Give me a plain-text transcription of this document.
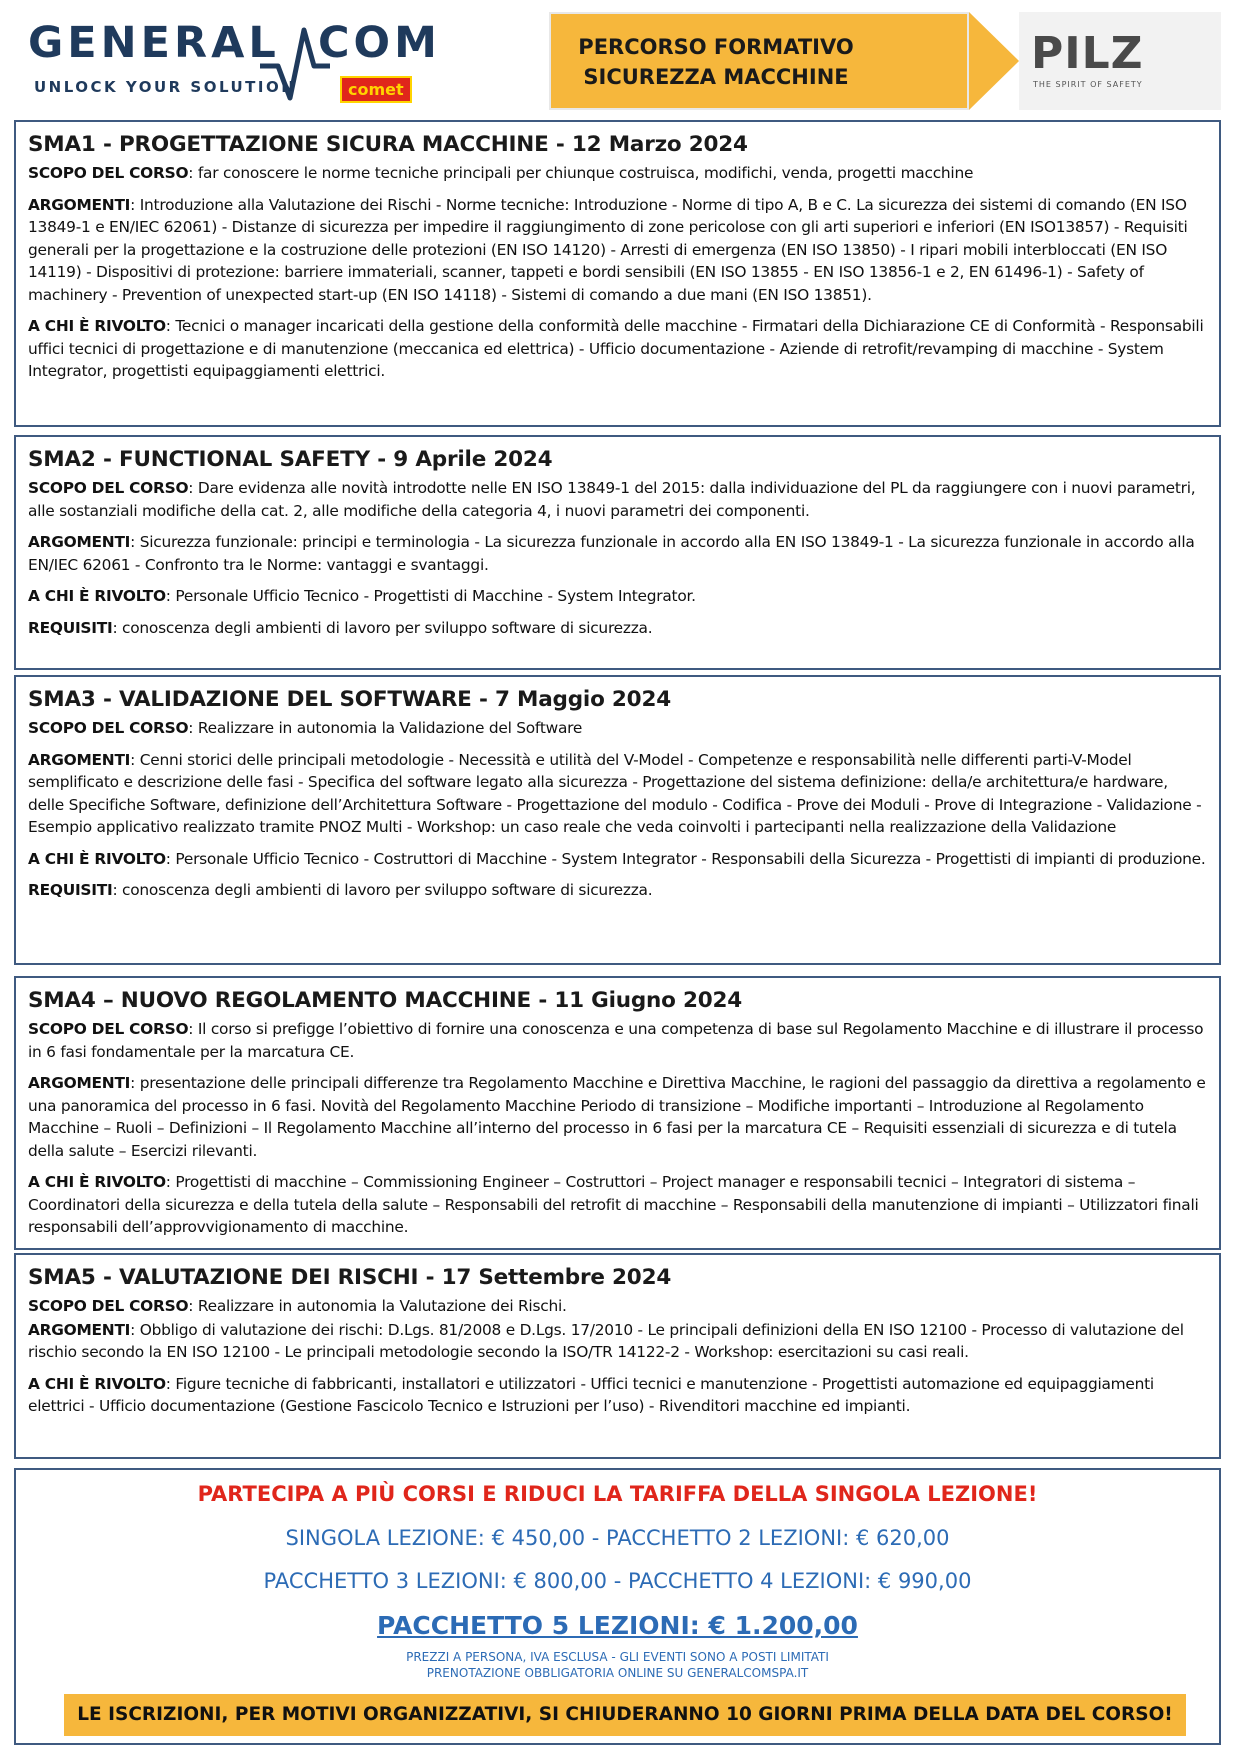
GENERAL COM
UNLOCK YOUR SOLUTION	comet
PERCORSO FORMATIVO
SICUREZZA MACCHINE	PILZ
THE SPIRIT OF SAFETY
SMA1 - PROGETTAZIONE SICURA MACCHINE - 12 Marzo 2024

SCOPO DEL CORSO: far conoscere le norme tecniche principali per chiunque costruisca, modifichi, venda, progetti macchine

ARGOMENTI: Introduzione alla Valutazione dei Rischi - Norme tecniche: Introduzione - Norme di tipo A, B e C. La sicurezza dei sistemi di comando (EN ISO 13849-1 e EN/IEC 62061) - Distanze di sicurezza per impedire il raggiungimento di zone pericolose con gli arti superiori e inferiori (EN ISO13857) - Requisiti generali per la progettazione e la costruzione delle protezioni (EN ISO 14120) - Arresti di emergenza (EN ISO 13850) - I ripari mobili interbloccati (EN ISO 14119) - Dispositivi di protezione: barriere immateriali, scanner, tappeti e bordi sensibili (EN ISO 13855 - EN ISO 13856-1 e 2, EN 61496-1) - Safety of machinery - Prevention of unexpected start-up (EN ISO 14118) - Sistemi di comando a due mani (EN ISO 13851).

A CHI È RIVOLTO: Tecnici o manager incaricati della gestione della conformità delle macchine - Firmatari della Dichiarazione CE di Conformità - Responsabili uffici tecnici di progettazione e di manutenzione (meccanica ed elettrica) - Ufficio documentazione - Aziende di retrofit/revamping di macchine - System Integrator, progettisti equipaggiamenti elettrici.

SMA2 - FUNCTIONAL SAFETY - 9 Aprile 2024

SCOPO DEL CORSO: Dare evidenza alle novità introdotte nelle EN ISO 13849-1 del 2015: dalla individuazione del PL da raggiungere con i nuovi parametri, alle sostanziali modifiche della cat. 2, alle modifiche della categoria 4, i nuovi parametri dei componenti.

ARGOMENTI: Sicurezza funzionale: principi e terminologia - La sicurezza funzionale in accordo alla EN ISO 13849-1 - La sicurezza funzionale in accordo alla EN/IEC 62061 - Confronto tra le Norme: vantaggi e svantaggi.

A CHI È RIVOLTO: Personale Ufficio Tecnico - Progettisti di Macchine - System Integrator.

REQUISITI: conoscenza degli ambienti di lavoro per sviluppo software di sicurezza.

SMA3 - VALIDAZIONE DEL SOFTWARE - 7 Maggio 2024

SCOPO DEL CORSO: Realizzare in autonomia la Validazione del Software

ARGOMENTI: Cenni storici delle principali metodologie - Necessità e utilità del V-Model - Competenze e responsabilità nelle differenti parti-V-Model semplificato e descrizione delle fasi - Specifica del software legato alla sicurezza - Progettazione del sistema definizione: della/e architettura/e hardware, delle Specifiche Software, definizione dell’Architettura Software - Progettazione del modulo - Codifica - Prove dei Moduli - Prove di Integrazione - Validazione - Esempio applicativo realizzato tramite PNOZ Multi - Workshop: un caso reale che veda coinvolti i partecipanti nella realizzazione della Validazione

A CHI È RIVOLTO: Personale Ufficio Tecnico - Costruttori di Macchine - System Integrator - Responsabili della Sicurezza - Progettisti di impianti di produzione.

REQUISITI: conoscenza degli ambienti di lavoro per sviluppo software di sicurezza.

SMA4 – NUOVO REGOLAMENTO MACCHINE - 11 Giugno 2024

SCOPO DEL CORSO: Il corso si prefigge l’obiettivo di fornire una conoscenza e una competenza di base sul Regolamento Macchine e di illustrare il processo in 6 fasi fondamentale per la marcatura CE.

ARGOMENTI: presentazione delle principali differenze tra Regolamento Macchine e Direttiva Macchine, le ragioni del passaggio da direttiva a regolamento e una panoramica del processo in 6 fasi. Novità del Regolamento Macchine Periodo di transizione – Modifiche importanti – Introduzione al Regolamento Macchine – Ruoli – Definizioni – Il Regolamento Macchine all’interno del processo in 6 fasi per la marcatura CE – Requisiti essenziali di sicurezza e di tutela della salute – Esercizi rilevanti.

A CHI È RIVOLTO: Progettisti di macchine – Commissioning Engineer – Costruttori – Project manager e responsabili tecnici – Integratori di sistema – Coordinatori della sicurezza e della tutela della salute – Responsabili del retrofit di macchine – Responsabili della manutenzione di impianti – Utilizzatori finali responsabili dell’approvvigionamento di macchine.

SMA5 - VALUTAZIONE DEI RISCHI - 17 Settembre 2024

SCOPO DEL CORSO: Realizzare in autonomia la Valutazione dei Rischi.

ARGOMENTI: Obbligo di valutazione dei rischi: D.Lgs. 81/2008 e D.Lgs. 17/2010 - Le principali definizioni della EN ISO 12100 - Processo di valutazione del rischio secondo la EN ISO 12100 - Le principali metodologie secondo la ISO/TR 14122-2 - Workshop: esercitazioni su casi reali.

A CHI È RIVOLTO: Figure tecniche di fabbricanti, installatori e utilizzatori - Uffici tecnici e manutenzione - Progettisti automazione ed equipaggiamenti elettrici - Ufficio documentazione (Gestione Fascicolo Tecnico e Istruzioni per l’uso) - Rivenditori macchine ed impianti.

PARTECIPA A PIÙ CORSI E RIDUCI LA TARIFFA DELLA SINGOLA LEZIONE!
SINGOLA LEZIONE: € 450,00 - PACCHETTO 2 LEZIONI: € 620,00
PACCHETTO 3 LEZIONI: € 800,00 - PACCHETTO 4 LEZIONI: € 990,00
PACCHETTO 5 LEZIONI: € 1.200,00
PREZZI A PERSONA, IVA ESCLUSA - GLI EVENTI SONO A POSTI LIMITATI
PRENOTAZIONE OBBLIGATORIA ONLINE SU GENERALCOMSPA.IT
LE ISCRIZIONI, PER MOTIVI ORGANIZZATIVI, SI CHIUDERANNO 10 GIORNI PRIMA DELLA DATA DEL CORSO!
